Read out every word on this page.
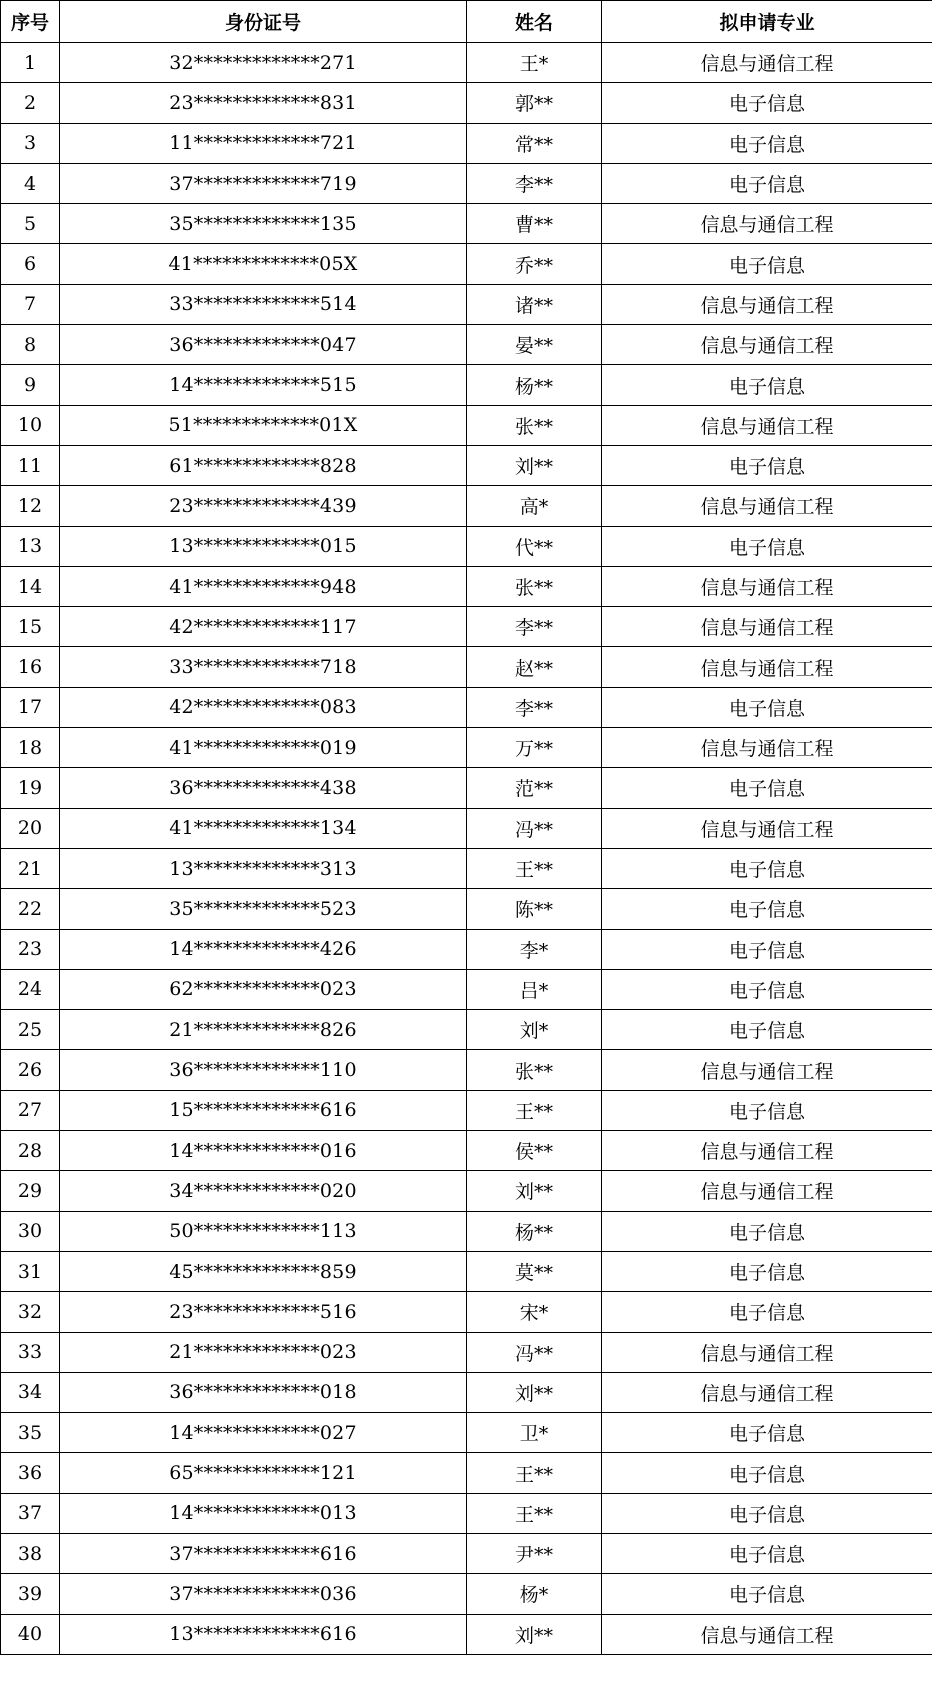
序号	身份证号	姓名	拟申请专业
1	32*************271	王*	信息与通信工程
2	23*************831	郭**	电子信息
3	11*************721	常**	电子信息
4	37*************719	李**	电子信息
5	35*************135	曹**	信息与通信工程
6	41*************05X	乔**	电子信息
7	33*************514	诸**	信息与通信工程
8	36*************047	晏**	信息与通信工程
9	14*************515	杨**	电子信息
10	51*************01X	张**	信息与通信工程
11	61*************828	刘**	电子信息
12	23*************439	高*	信息与通信工程
13	13*************015	代**	电子信息
14	41*************948	张**	信息与通信工程
15	42*************117	李**	信息与通信工程
16	33*************718	赵**	信息与通信工程
17	42*************083	李**	电子信息
18	41*************019	万**	信息与通信工程
19	36*************438	范**	电子信息
20	41*************134	冯**	信息与通信工程
21	13*************313	王**	电子信息
22	35*************523	陈**	电子信息
23	14*************426	李*	电子信息
24	62*************023	吕*	电子信息
25	21*************826	刘*	电子信息
26	36*************110	张**	信息与通信工程
27	15*************616	王**	电子信息
28	14*************016	侯**	信息与通信工程
29	34*************020	刘**	信息与通信工程
30	50*************113	杨**	电子信息
31	45*************859	莫**	电子信息
32	23*************516	宋*	电子信息
33	21*************023	冯**	信息与通信工程
34	36*************018	刘**	信息与通信工程
35	14*************027	卫*	电子信息
36	65*************121	王**	电子信息
37	14*************013	王**	电子信息
38	37*************616	尹**	电子信息
39	37*************036	杨*	电子信息
40	13*************616	刘**	信息与通信工程
